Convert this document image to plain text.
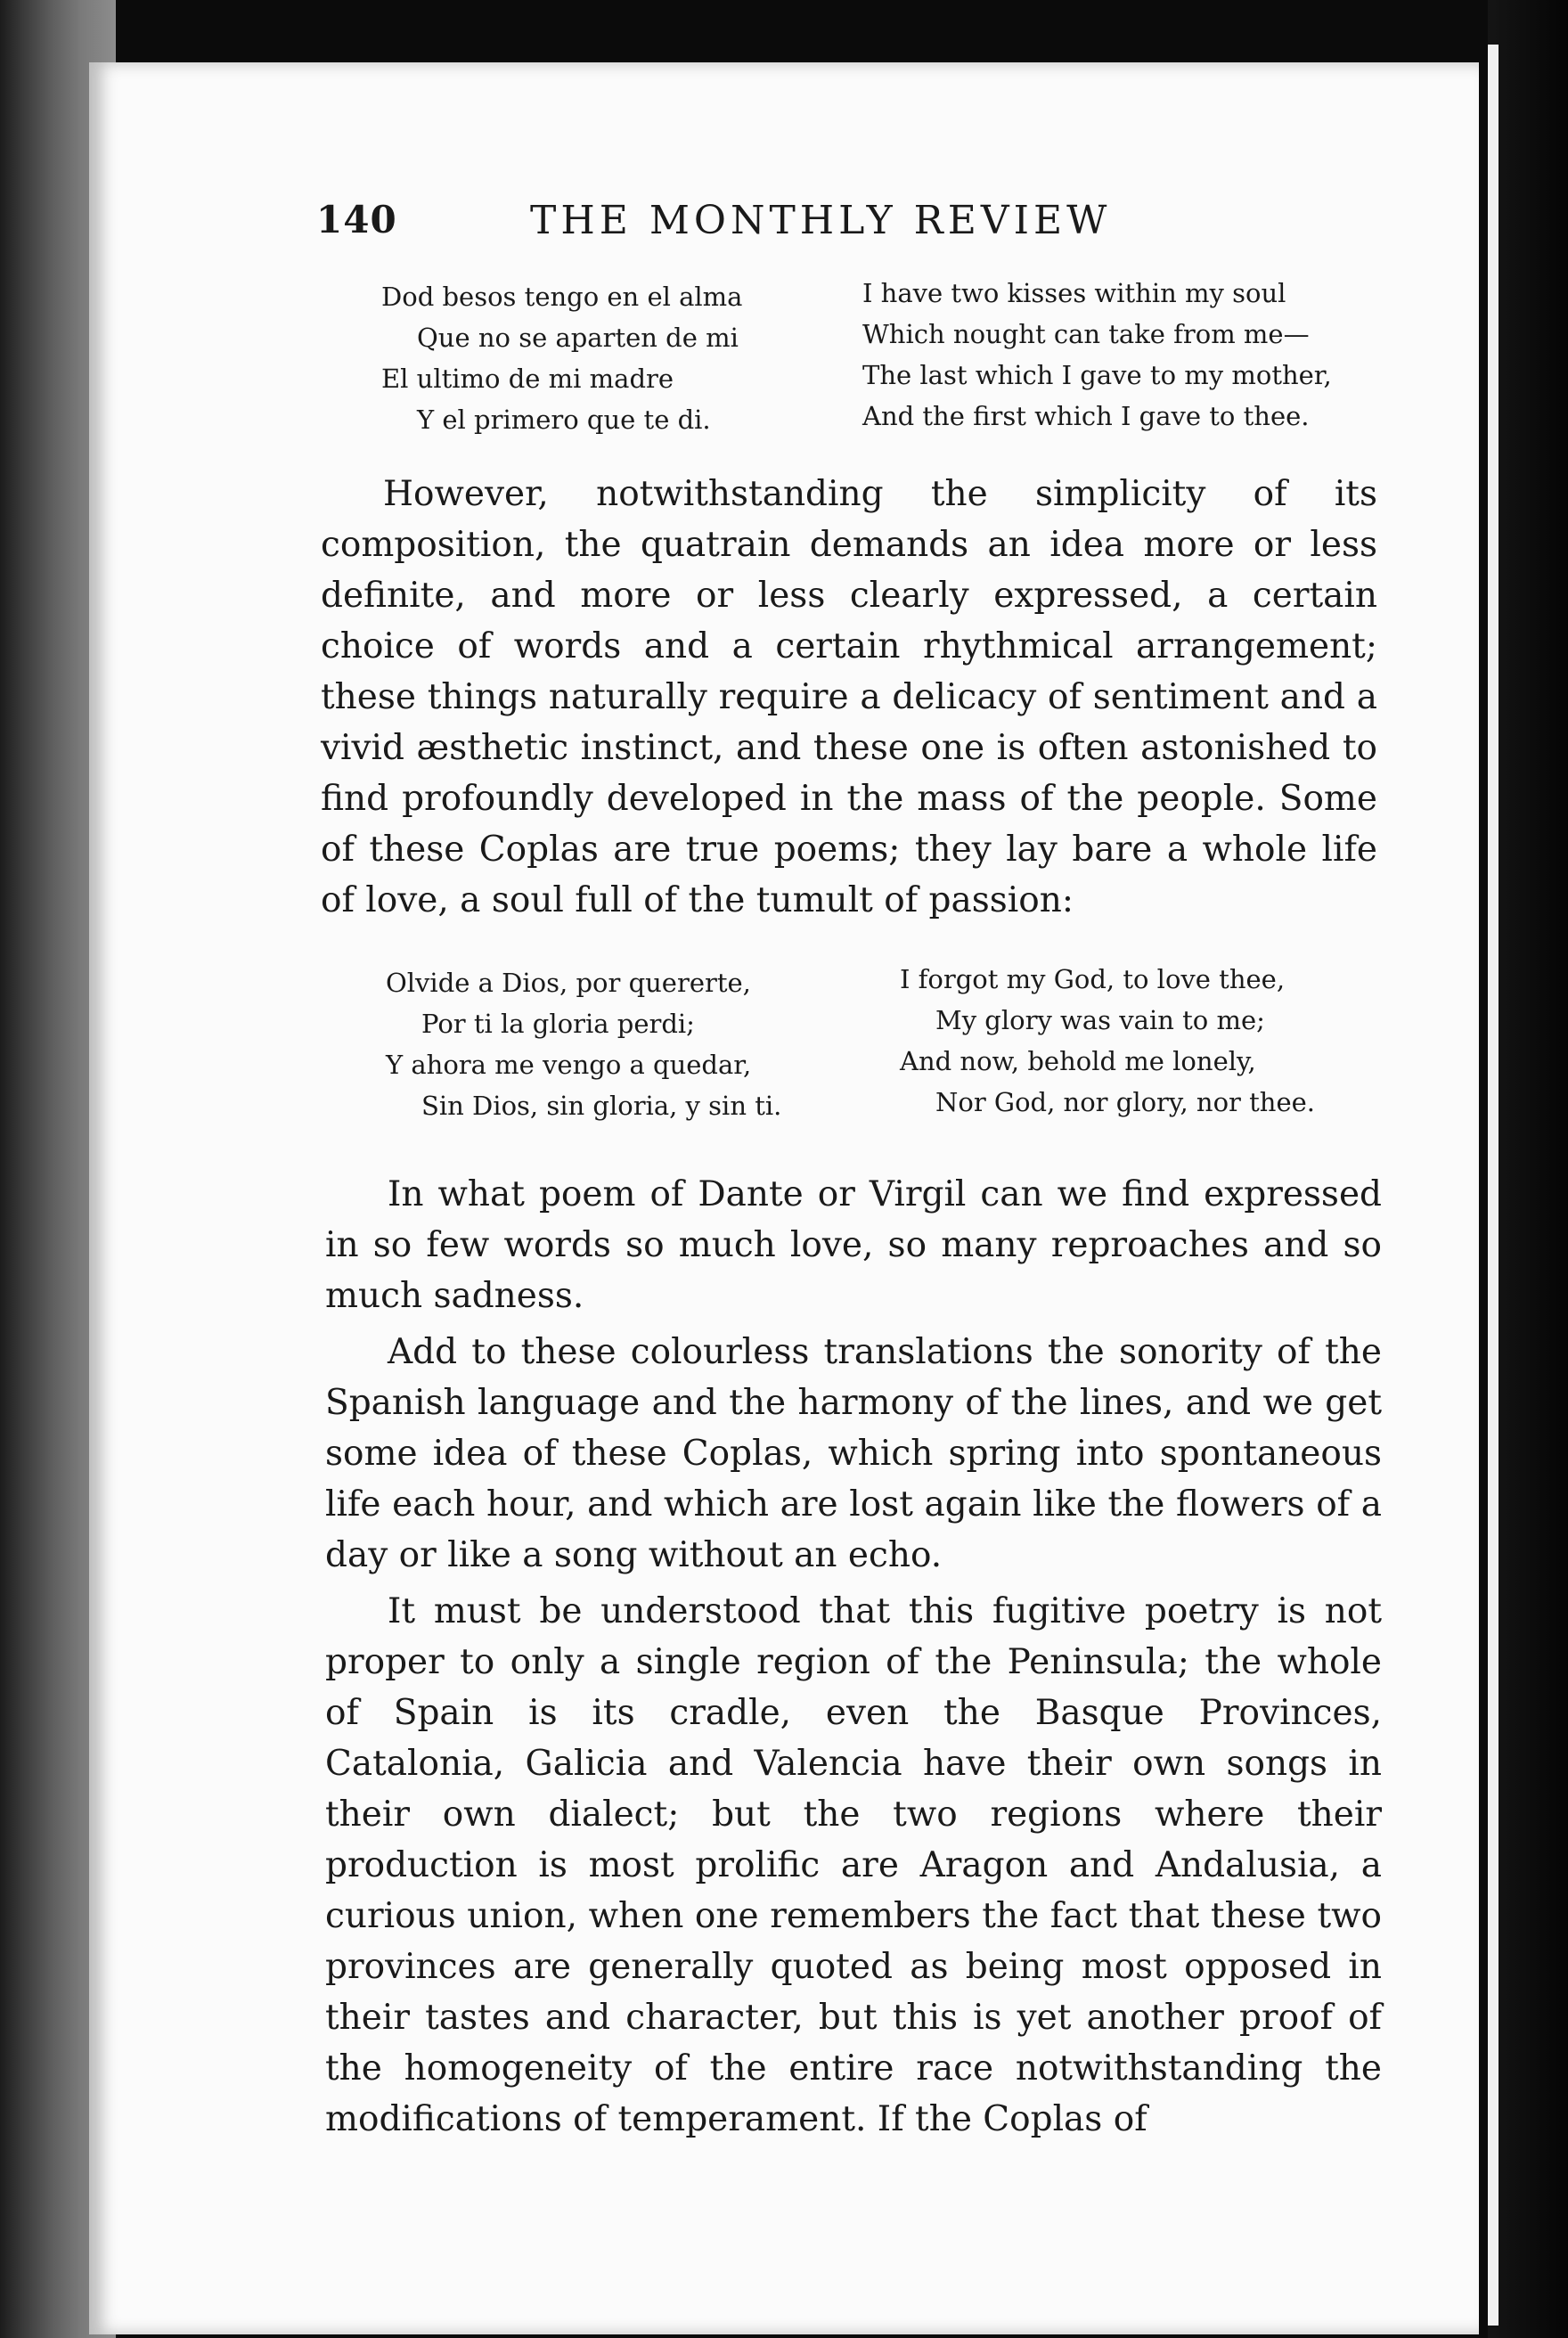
140	THE MONTHLY REVIEW
Dod besos tengo en el alma
Que no se aparten de mi
El ultimo de mi madre
Y el primero que te di.
I have two kisses within my soul
Which nought can take from me—
The last which I gave to my mother,
And the first which I gave to thee.

However, notwithstanding the simplicity of its composition, the quatrain demands an idea more or less definite, and more or less clearly expressed, a certain choice of words and a certain rhythmical arrangement; these things naturally require a delicacy of sentiment and a vivid æsthetic instinct, and these one is often astonished to find profoundly developed in the mass of the people. Some of these Coplas are true poems; they lay bare a whole life of love, a soul full of the tumult of passion:

Olvide a Dios, por quererte,
Por ti la gloria perdi;
Y ahora me vengo a quedar,
Sin Dios, sin gloria, y sin ti.
I forgot my God, to love thee,
My glory was vain to me;
And now, behold me lonely,
Nor God, nor glory, nor thee.

In what poem of Dante or Virgil can we find expressed in so few words so much love, so many reproaches and so much sadness.

Add to these colourless translations the sonority of the Spanish language and the harmony of the lines, and we get some idea of these Coplas, which spring into spontaneous life each hour, and which are lost again like the flowers of a day or like a song without an echo.

It must be understood that this fugitive poetry is not proper to only a single region of the Peninsula; the whole of Spain is its cradle, even the Basque Provinces, Catalonia, Galicia and Valencia have their own songs in their own dialect; but the two regions where their production is most prolific are Aragon and Andalusia, a curious union, when one remembers the fact that these two provinces are generally quoted as being most opposed in their tastes and character, but this is yet another proof of the homogeneity of the entire race notwithstanding the modifications of temperament. If the Coplas of
